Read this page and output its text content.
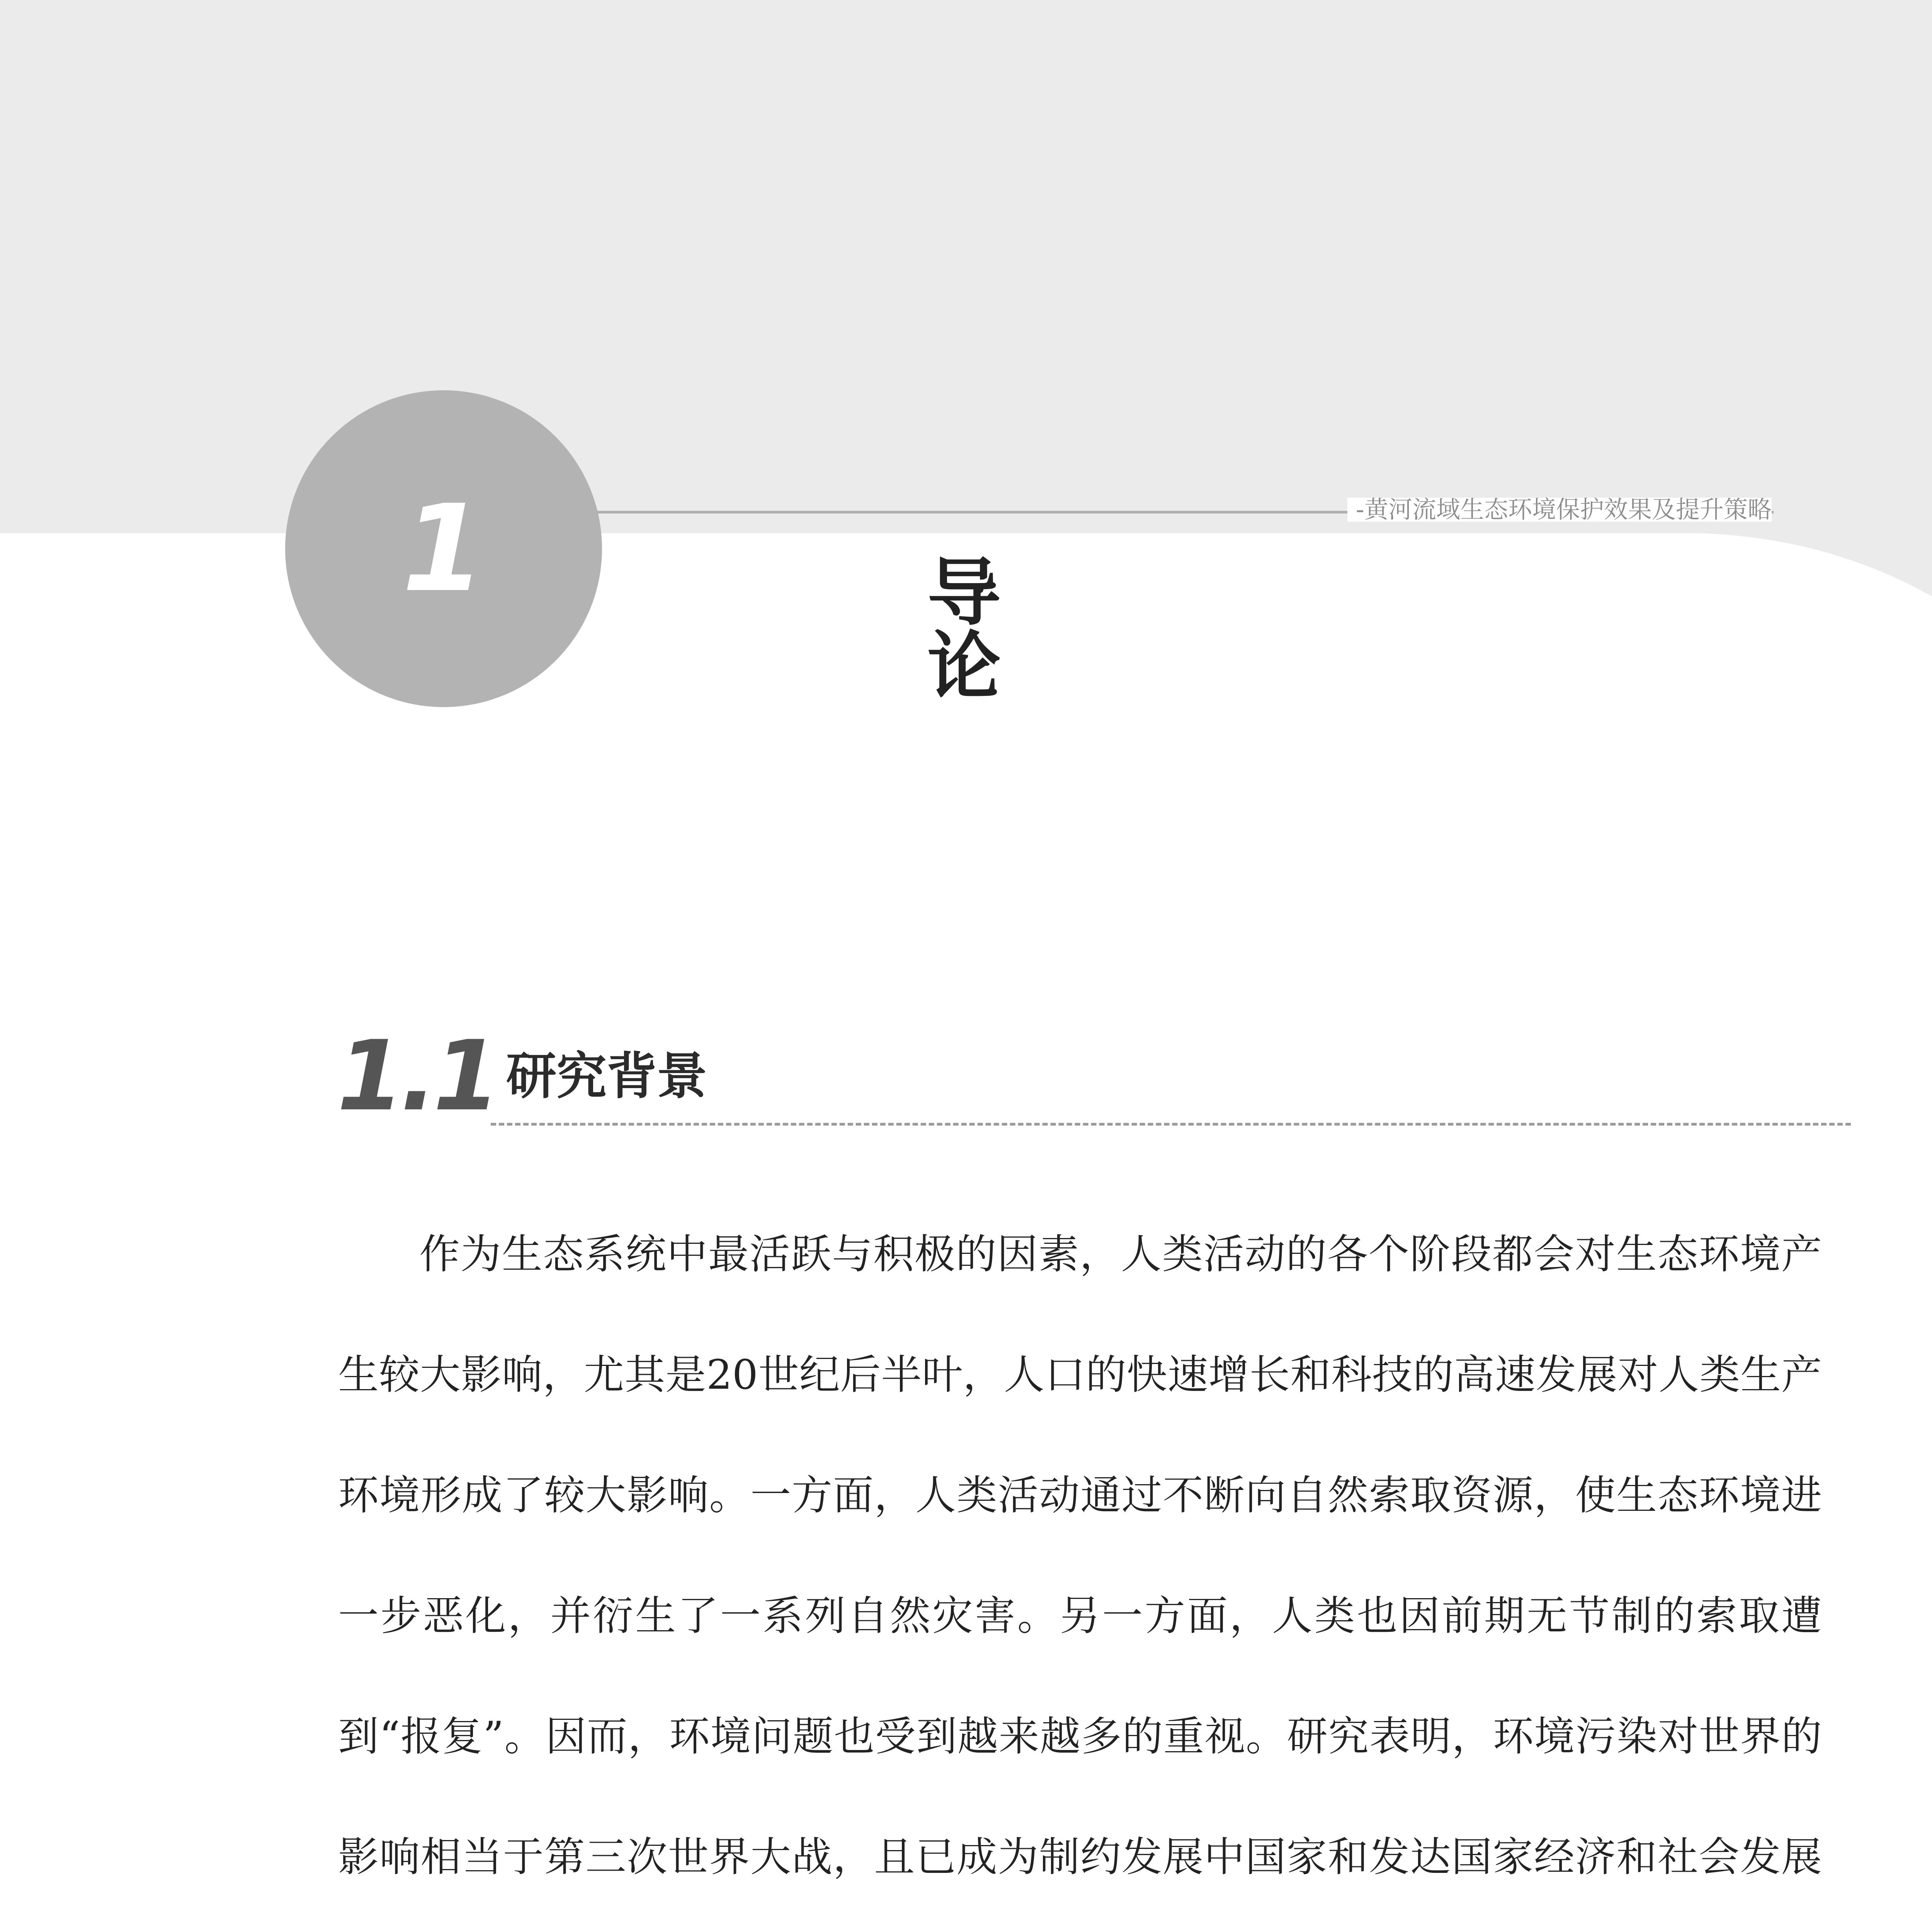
1	-黄河流域生态环境保护效果及提升策略
导论
1.1 研究背景

作为生态系统中最活跃与积极的因素，人类活动的各个阶段都会对生态环境产生较大影响，尤其是20世纪后半叶，人口的快速增长和科技的高速发展对人类生产环境形成了较大影响。一方面，人类活动通过不断向自然索取资源，使生态环境进一步恶化，并衍生了一系列自然灾害。另一方面，人类也因前期无节制的索取遭到“报复”。因而，环境问题也受到越来越多的重视。研究表明，环境污染对世界的影响相当于第三次世界大战，且已成为制约发展中国家和发达国家经济和社会发展
